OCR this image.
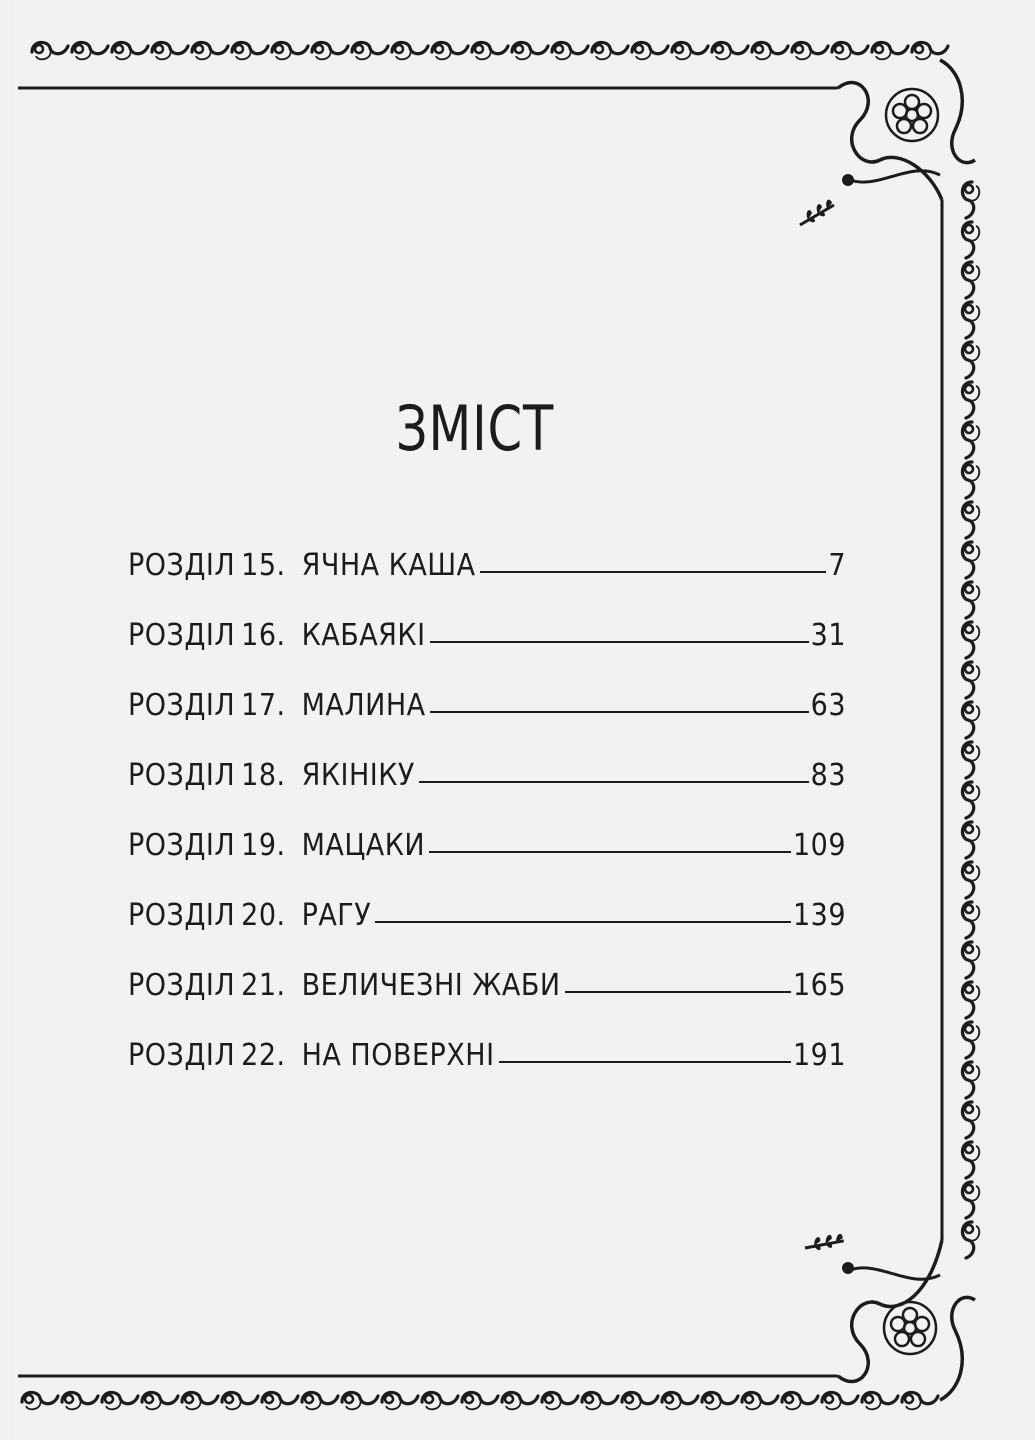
ЗМІСТ
РОЗДІЛ 15. ЯЧНА КАША	7
РОЗДІЛ 16. КАБАЯКІ	31
РОЗДІЛ 17. МАЛИНА	63
РОЗДІЛ 18. ЯКІНІКУ	83
РОЗДІЛ 19. МАЦАКИ	109
РОЗДІЛ 20. РАГУ	139
РОЗДІЛ 21. ВЕЛИЧЕЗНІ ЖАБИ	165
РОЗДІЛ 22. НА ПОВЕРХНІ	191
